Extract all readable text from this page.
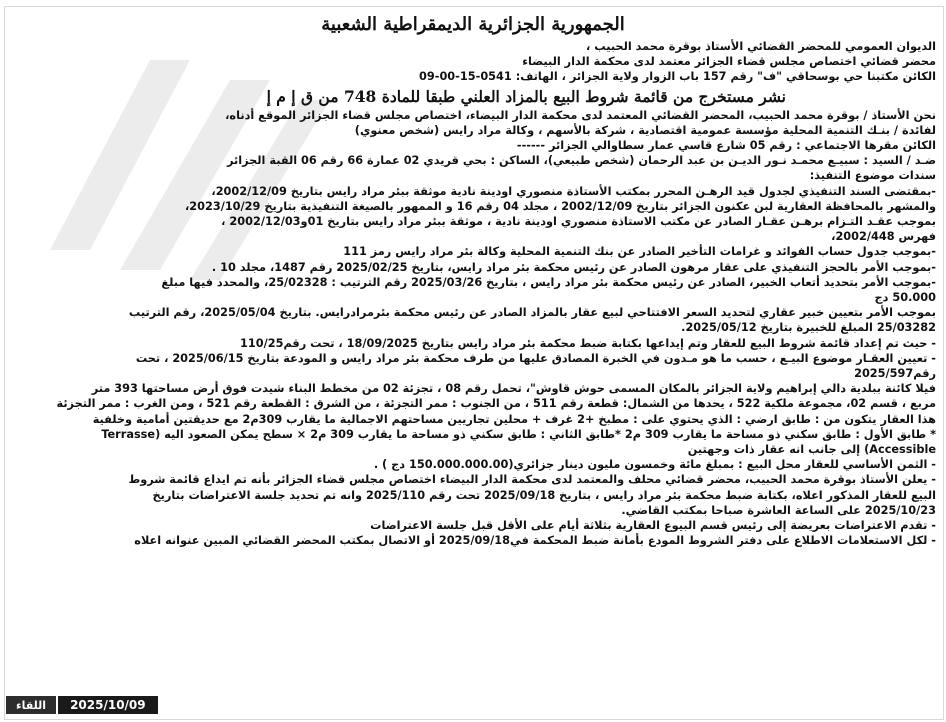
الجمهورية الجزائرية الديمقراطية الشعبية

الديوان العمومي للمحضر القضائي الأستاذ بوقرة محمد الحبيب ،

محضر قضائي اختصاص مجلس قضاء الجزائر معتمد لدى محكمة الدار البيضاء

الكائن مكتبنا حي بوسحاقي "ف" رقم 157 باب الزوار ولاية الجزائر ، الهاتف: 0541-15-00-09

نشر مستخرج من قائمة شروط البيع بالمزاد العلني طبقا للمادة 748 من ق إ م إ

نحن الأستاذ / بوقرة محمد الحبيب، المحضر القضائي المعتمد لدى محكمة الدار البيضاء، اختصاص مجلس قضاء الجزائر الموقع أدناه،

لفائدة / بنـك التنمية المحلية مؤسسة عمومية اقتصادية ، شركة بالأسهم ، وكالة مراد رايس (شخص معنوي)

الكائن مقرها الاجتماعي : رقم 05 شارع قاسي عمار سطاوالي الجزائر ------

ضـد / السيد : سبيـع محمـد نـور الديـن بن عبد الرحمان (شخص طبيعي)، الساكن : بحي قريدي 02 عمارة 66 رقم 06 القبة الجزائر

سندات موضوع التنفيذ:

-بمقتضى السند التنفيذي لجدول قيد الرهـن المحرر بمكتب الأستاذة منصوري اودينة نادية موثقة ببئر مراد رايس بتاريخ 2002/12/09،

والمشهر بالمحافظة العقارية لبن عكنون الجزائر بتاريخ 2002/12/09 ، مجلد 04 رقم 16 و الممهور بالصيغة التنفيذية بتاريخ 2023/10/29،

بموجب عقـد التـزام برهـن عقـار الصادر عن مكتب الاستاذة منصوري اودينة نادية ، موثقة ببئر مراد رايس بتاريخ 01و2002/12/03 ،

فهرس 2002/448،

-بموجب جدول حساب الفوائد و غرامات التأخير الصادر عن بنك التنمية المحلية وكالة بئر مراد رايس رمز 111

-بموجب الأمر بالحجز التنفيذي على عقار مرهون الصادر عن رئيس محكمة بئر مراد رايس، بتاريخ 2025/02/25 رقم 1487، مجلد 10 .

-بموجب الأمر بتحديد أتعاب الخبير، الصادر عن رئيس محكمة بئر مراد رايس ، بتاريخ 2025/03/26 رقم الترتيب : 25/02328، والمحدد فيها مبلغ

50.000 دج

بموجب الأمر بتعيين خبير عقاري لتحديد السعر الافتتاحي لبيع عقار بالمزاد الصادر عن رئيس محكمة بئرمرادرايس. بتاريخ 2025/05/04، رقم الترتيب

25/03282 المبلغ للخبيرة بتاريخ 2025/05/12.

- حيث تم إعداد قائمة شروط البيع للعقار وتم إيداعها بكتابة ضبط محكمة بئر مراد رايس بتاريخ 18/09/2025 ، تحت رقم110/25

- تعيين العقـار موضوع البيـع ، حسب ما هو مـدون في الخبرة المصادق عليها من طرف محكمة بئر مراد رايس و المودعة بتاريخ 2025/06/15 ، تحت

رقم2025/597

فيلا كائنة ببلدية دالي إبراهيم ولاية الجزائر بالمكان المسمى حوش قاوش"، تحمل رقم 08 ، تجزئة 02 من مخطط البناء شيدت فوق أرض مساحتها 393 متر

مربع ، قسم 02، مجموعة ملكية 522 ، يحدها من الشمال: قطعة رقم 511 ، من الجنوب : ممر التجزئة ، من الشرق : القطعة رقم 521 ، ومن الغرب : ممر التجزئة

هذا العقار يتكون من : طابق ارضي : الذي يحتوي على : مطبخ +2 غرف + محلين تجاريين مساحتهم الاجمالية ما يقارب 309م2 مع حديقتين أمامية وخلفية

* طابق الأول : طابق سكني ذو مساحة ما يقارب 309 م2 *طابق الثاني : طابق سكني ذو مساحة ما يقارب 309 م2 × سطح يمكن الصعود اليه (Terrasse

Accessible) إلى جانب انه عقار ذات وجهتين

- الثمن الأساسي للعقار محل البيع : بمبلغ مائة وخمسون مليون دينار جزائري(150.000.000.00 دج ) .

- يعلن الأستاذ بوقرة محمد الحبيب، محضر قضائي محلف والمعتمد لدى محكمة الدار البيضاء اختصاص مجلس قضاء الجزائر بأنه تم ايداع قائمة شروط

البيع للعقار المذكور اعلاه، بكتابة ضبط محكمة بئر مراد رايس ، بتاريخ 2025/09/18 تحت رقم 2025/110 وانه تم تحديد جلسة الاعتراضات بتاريخ

2025/10/23 على الساعة العاشرة صباحا بمكتب القاضي.

- تقدم الاعتراضات بعريضة إلى رئيس قسم البيوع العقارية بثلاثة أيام على الأقل قبل جلسة الاعتراضات

- لكل الاستعلامات الاطلاع على دفتر الشروط المودع بأمانة ضبط المحكمة في2025/09/18 أو الاتصال بمكتب المحضر القضائي المبين عنوانه اعلاه

اللقاء	2025/10/09
